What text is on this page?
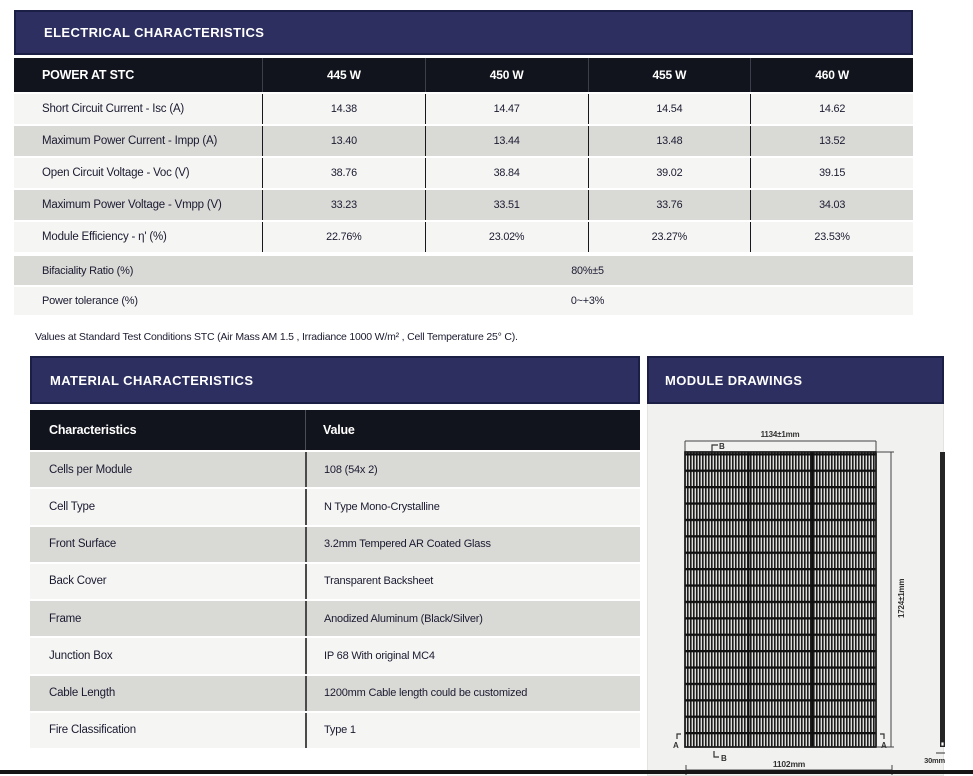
ELECTRICAL CHARACTERISTICS
POWER AT STC	445 W	450 W	455 W	460 W
Short Circuit Current - Isc (A)	14.38	14.47	14.54	14.62
Maximum Power Current - Impp (A)	13.40	13.44	13.48	13.52
Open Circuit Voltage - Voc (V)	38.76	38.84	39.02	39.15
Maximum Power Voltage - Vmpp (V)	33.23	33.51	33.76	34.03
Module Efficiency - η' (%)	22.76%	23.02%	23.27%	23.53%
Bifaciality Ratio (%)	80%±5
Power tolerance (%)	0~+3%
Values at Standard Test Conditions STC (Air Mass AM 1.5 , Irradiance 1000 W/m² , Cell Temperature 25° C).
MATERIAL CHARACTERISTICS
Characteristics	Value
Cells per Module	108 (54x 2)
Cell Type	N Type Mono-Crystalline
Front Surface	3.2mm Tempered AR Coated Glass
Back Cover	Transparent Backsheet
Frame	Anodized Aluminum (Black/Silver)
Junction Box	IP 68 With original MC4
Cable Length	1200mm Cable length could be customized
Fire Classification	Type 1
MODULE DRAWINGS
1134±1mm
B
1724±1mm
A	A
B
1102mm	30mm
